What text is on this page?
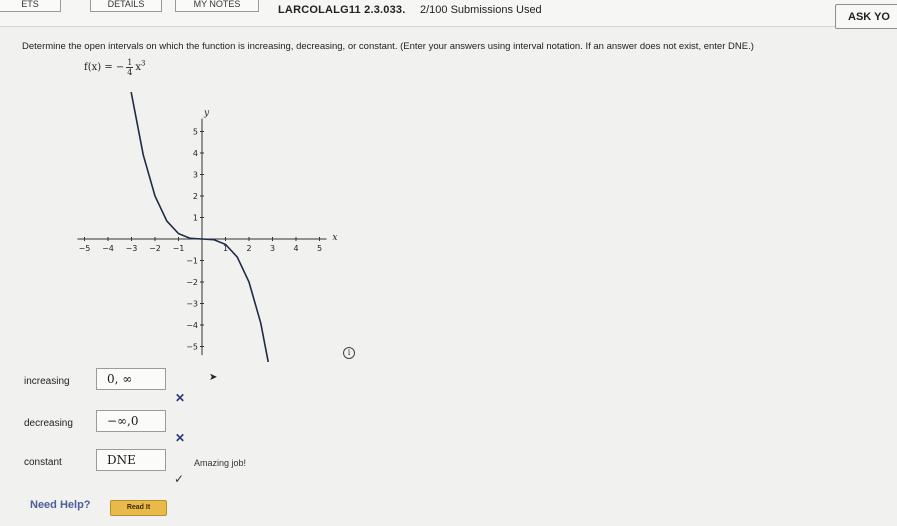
ETS	DETAILS	MY NOTES	LARCOLALG11 2.3.033. 2/100 Submissions Used
ASK YO
Determine the open intervals on which the function is increasing, decreasing, or constant. (Enter your answers using interval notation. If an answer does not exist, enter DNE.)
f(x) = − $\frac{1}{4} x^3$
x
y
−5 −4 −3 −2 −1	1 2 3 4 5
5
4
3
2
1
−1
−2
−3
−4
−5
i
increasing	0, ∞
✕
decreasing	−∞,0
✕
constant	DNE
✓
Amazing job!
➤
Need Help?	Read It
